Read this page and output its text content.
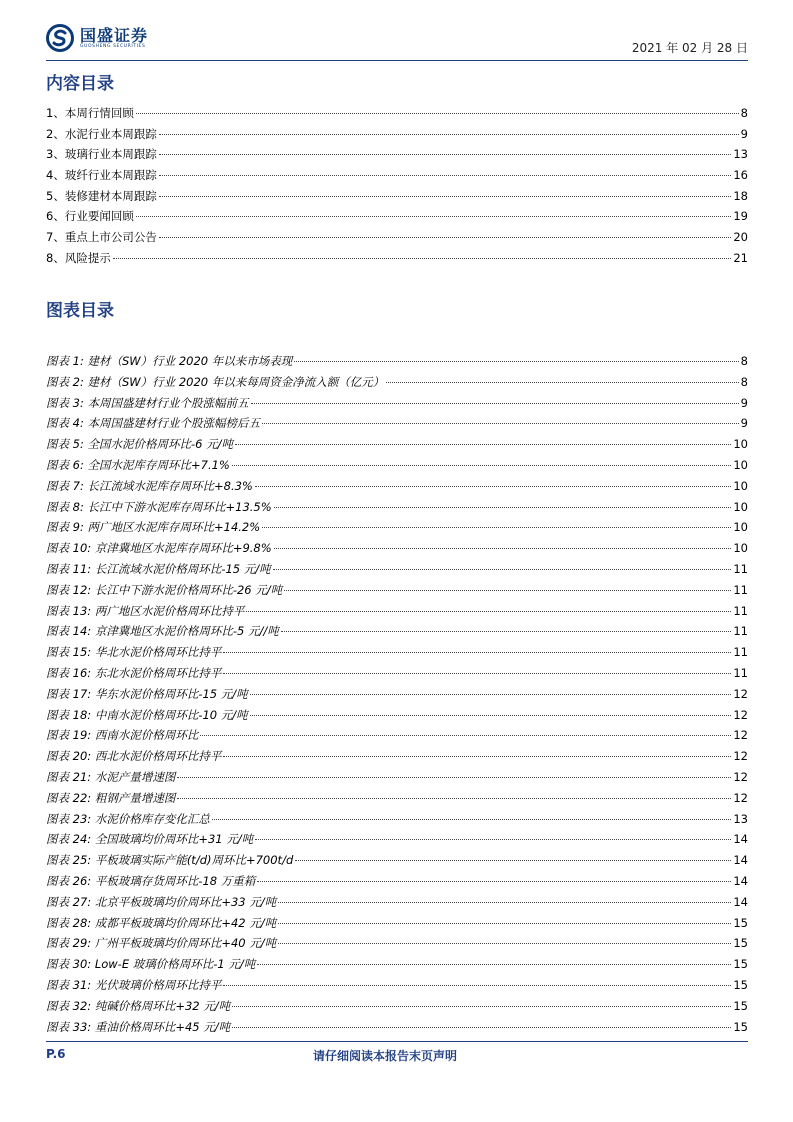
国盛证券
GUOSHENG SECURITIES	2021 年 02 月 28 日
内容目录
1、本周行情回顾	8
2、水泥行业本周跟踪	9
3、玻璃行业本周跟踪	13
4、玻纤行业本周跟踪	16
5、装修建材本周跟踪	18
6、行业要闻回顾	19
7、重点上市公司公告	20
8、风险提示	21
图表目录
图表 1: 建材（SW）行业 2020 年以来市场表现	8
图表 2: 建材（SW）行业 2020 年以来每周资金净流入额（亿元）	8
图表 3: 本周国盛建材行业个股涨幅前五	9
图表 4: 本周国盛建材行业个股涨幅榜后五	9
图表 5: 全国水泥价格周环比-6 元/吨	10
图表 6: 全国水泥库存周环比+7.1%	10
图表 7: 长江流域水泥库存周环比+8.3%	10
图表 8: 长江中下游水泥库存周环比+13.5%	10
图表 9: 两广地区水泥库存周环比+14.2%	10
图表 10: 京津冀地区水泥库存周环比+9.8%	10
图表 11: 长江流域水泥价格周环比-15 元/吨	11
图表 12: 长江中下游水泥价格周环比-26 元/吨	11
图表 13: 两广地区水泥价格周环比持平	11
图表 14: 京津冀地区水泥价格周环比-5 元//吨	11
图表 15: 华北水泥价格周环比持平	11
图表 16: 东北水泥价格周环比持平	11
图表 17: 华东水泥价格周环比-15 元/吨	12
图表 18: 中南水泥价格周环比-10 元/吨	12
图表 19: 西南水泥价格周环比	12
图表 20: 西北水泥价格周环比持平	12
图表 21: 水泥产量增速图	12
图表 22: 粗钢产量增速图	12
图表 23: 水泥价格库存变化汇总	13
图表 24: 全国玻璃均价周环比+31 元/吨	14
图表 25: 平板玻璃实际产能(t/d)周环比+700t/d	14
图表 26: 平板玻璃存货周环比-18 万重箱	14
图表 27: 北京平板玻璃均价周环比+33 元/吨	14
图表 28: 成都平板玻璃均价周环比+42 元/吨	15
图表 29: 广州平板玻璃均价周环比+40 元/吨	15
图表 30: Low-E 玻璃价格周环比-1 元/吨	15
图表 31: 光伏玻璃价格周环比持平	15
图表 32: 纯碱价格周环比+32 元/吨	15
图表 33: 重油价格周环比+45 元/吨	15
P.6	请仔细阅读本报告末页声明
